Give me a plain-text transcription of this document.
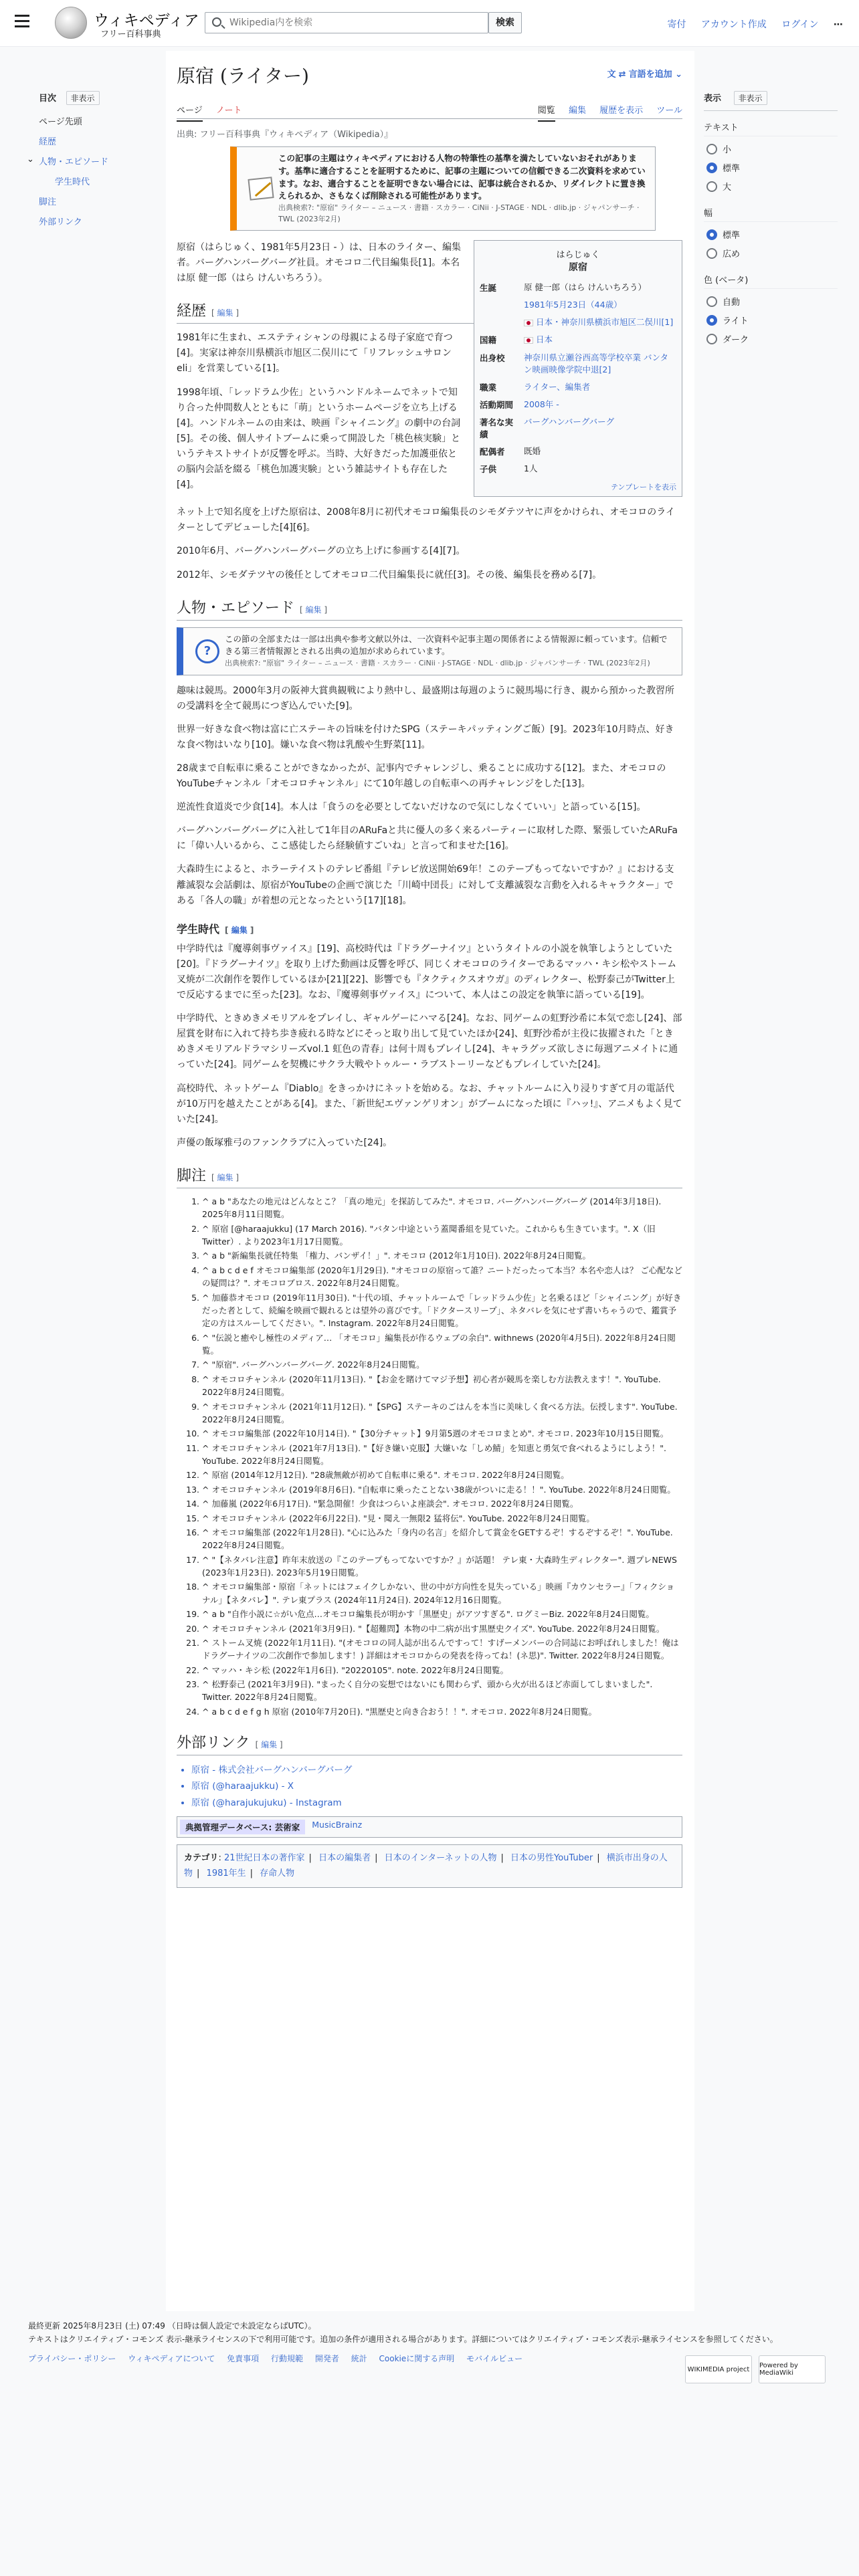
ウィキペディア
フリー百科事典
Wikipedia内を検索
検索	寄付 アカウント作成 ログイン ⋯
目次 非表示
ページ先頭
経歴
⌄ 人物・エピソード
学生時代
脚注
外部リンク
表示 非表示
テキスト
小
標準
大
幅
標準
広め
色 (ベータ)
自動
ライト
ダーク
原宿 (ライター)	文 ⇄ 言語を追加 ⌄
ページ ノート	閲覧 編集 履歴を表示 ツール
出典: フリー百科事典『ウィキペディア（Wikipedia）』
この記事の主題はウィキペディアにおける人物の特筆性の基準を満たしていないおそれがあります。基準に適合することを証明するために、記事の主題についての信頼できる二次資料を求めています。なお、適合することを証明できない場合には、記事は統合されるか、リダイレクトに置き換えられるか、さもなくば削除される可能性があります。
出典検索?: "原宿" ライター – ニュース · 書籍 · スカラー · CiNii · J-STAGE · NDL · dlib.jp · ジャパンサーチ · TWL (2023年2月)
はらじゅく
原宿
生誕	原 健一郎（はら けんいちろう）
	1981年5月23日（44歳）
	日本・神奈川県横浜市旭区二俣川[1]
国籍	日本
出身校	神奈川県立瀬谷西高等学校卒業 バンタン映画映像学院中退[2]
職業	ライター、編集者
活動期間	2008年 -
著名な実績	バーグハンバーグバーグ
配偶者	既婚
子供	1人
テンプレートを表示

原宿（はらじゅく、1981年5月23日 - ）は、日本のライター、編集者。バーグハンバーグバーグ社員。オモコロ二代目編集長[1]。本名は原 健一郎（はら けんいちろう）。

経歴 [ 編集 ]

1981年に生まれ、エステティシャンの母親による母子家庭で育つ[4]。実家は神奈川県横浜市旭区二俣川にて「リフレッシュサロンeli」を営業している[1]。

1998年頃、「レッドラム少佐」というハンドルネームでネットで知り合った仲間数人とともに「萌」というホームページを立ち上げる[4]。ハンドルネームの由来は、映画『シャイニング』の劇中の台詞[5]。その後、個人サイトブームに乗って開設した「桃色核実験」というテキストサイトが反響を呼ぶ。当時、大好きだった加護亜依との脳内会話を綴る「桃色加護実験」という雑誌サイトも存在した[4]。

ネット上で知名度を上げた原宿は、2008年8月に初代オモコロ編集長のシモダテツヤに声をかけられ、オモコロのライターとしてデビューした[4][6]。

2010年6月、バーグハンバーグバーグの立ち上げに参画する[4][7]。

2012年、シモダテツヤの後任としてオモコロ二代目編集長に就任[3]。その後、編集長を務める[7]。

人物・エピソード [ 編集 ]
?
この節の全部または一部は出典や参考文献以外は、一次資料や記事主題の関係者による情報源に頼っています。信頼できる第三者情報源とされる出典の追加が求められています。
出典検索?: "原宿" ライター – ニュース · 書籍 · スカラー · CiNii · J-STAGE · NDL · dlib.jp · ジャパンサーチ · TWL (2023年2月)

趣味は競馬。2000年3月の阪神大賞典観戦により熱中し、最盛期は毎週のように競馬場に行き、親から預かった教習所の受講料を全て競馬につぎ込んでいた[9]。

世界一好きな食べ物は富に亡ステーキの旨味を付けたSPG（ステーキパッティングご飯）[9]。2023年10月時点、好きな食べ物はいなり[10]。嫌いな食べ物は乳酸や生野菜[11]。

28歳まで自転車に乗ることができなかったが、記事内でチャレンジし、乗ることに成功する[12]。また、オモコロのYouTubeチャンネル「オモコロチャンネル」にて10年越しの自転車への再チャレンジをした[13]。

逆流性食道炎で少食[14]。本人は「食うのを必要としてないだけなので気にしなくていい」と語っている[15]。

バーグハンバーグバーグに入社して1年目のARuFaと共に優人の多く来るパーティーに取材した際、緊張していたARuFaに「偉い人いるから、ここ感徒したら経験値すごいね」と言って和ませた[16]。

大森時生によると、ホラーテイストのテレビ番組『テレビ放送開始69年！このテープもってないですか？』における支離滅裂な会話劇は、原宿がYouTubeの企画で演じた「川崎中団長」に対して支離滅裂な言動を入れるキャラクター」である「各人の職」が着想の元となったという[17][18]。

学生時代 [ 編集 ]

中学時代は『魔導剣事ヴァイス』[19]、高校時代は『ドラグーナイツ』というタイトルの小説を執筆しようとしていた[20]。『ドラグーナイツ』を取り上げた動画は反響を呼び、同じくオモコロのライターであるマッハ・キシ松やストーム叉焼が二次創作を製作しているほか[21][22]、影響でも『タクティクスオウガ』のディレクター、松野泰己がTwitter上で反応するまでに至った[23]。なお、『魔導剣事ヴァイス』について、本人はこの設定を執筆に語っている[19]。

中学時代、ときめきメモリアルをプレイし、ギャルゲーにハマる[24]。なお、同ゲームの虹野沙希に本気で恋し[24]、部屋賞を財布に入れて持ち歩き疲れる時などにそっと取り出して見ていたほか[24]、虹野沙希が主役に抜擢された「ときめきメモリアルドラマシリーズvol.1 虹色の青春」は何十周もプレイし[24]、キャラグッズ欲しさに毎週アニメイトに通っていた[24]。同ゲームを契機にサクラ大戦やトゥルー・ラブストーリーなどもプレイしていた[24]。

高校時代、ネットゲーム『Diablo』をきっかけにネットを始める。なお、チャットルームに入り浸りすぎて月の電話代が10万円を越えたことがある[4]。また、「新世紀エヴァンゲリオン」がブームになった頃に『ハッ!』、アニメもよく見ていた[24]。

声優の飯塚雅弓のファンクラブに入っていた[24]。

脚注 [ 編集 ]
1. ^ a b "あなたの地元はどんなとこ？「真の地元」を探訪してみた". オモコロ. バーグハンバーグバーグ (2014年3月18日). 2025年8月11日閲覧。
2. ^ 原宿 [@haraajukku] (17 March 2016). "バタン中途という蓋聞番組を見ていた。これからも生きています。". X（旧Twitter）. より2023年1月17日閲覧。
3. ^ a b "新編集長就任特集 「権力、バンザイ！」". オモコロ (2012年1月10日). 2022年8月24日閲覧。
4. ^ a b c d e f オモコロ編集部 (2020年1月29日). "オモコロの原宿って誰？ニートだったって本当？本名や恋人は？ ご心配などの疑問は？". オモコロブロス. 2022年8月24日閲覧。
5. ^ 加藤恭オモコロ (2019年11月30日). "十代の頃、チャットルームで「レッドラム少佐」と名乗るほど「シャイニング」が好きだった者として、続編を映画で観れるとは望外の喜びです。「ドクタースリープ」、ネタバレを気にせず書いちゃうので、鑑賞予定の方はスルーしてください。". Instagram. 2022年8月24日閲覧。
6. ^ "伝説と癒やし極性のメディア… 「オモコロ」編集長が作るウェブの余白". withnews (2020年4月5日). 2022年8月24日閲覧。
7. ^ "原宿". バーグハンバーグバーグ. 2022年8月24日閲覧。
8. ^ オモコロチャンネル (2020年11月13日). "【お金を賭けてマジ予想】初心者が競馬を楽しむ方法教えます！". YouTube. 2022年8月24日閲覧。
9. ^ オモコロチャンネル (2021年11月12日). "【SPG】ステーキのごはんを本当に美味しく食べる方法。伝授します". YouTube. 2022年8月24日閲覧。
10. ^ オモコロ編集部 (2022年10月14日). "【30分チャット】9月第5週のオモコロまとめ". オモコロ. 2023年10月15日閲覧。
11. ^ オモコロチャンネル (2021年7月13日). "【好き嫌い克服】大嫌いな「しめ鯖」を知恵と勇気で食べれるようにしよう！". YouTube. 2022年8月24日閲覧。
12. ^ 原宿 (2014年12月12日). "28歳無敵が初めて自転車に乗る". オモコロ. 2022年8月24日閲覧。
13. ^ オモコロチャンネル (2019年8月6日). "自転車に乗ったことない38歳がついに走る！！". YouTube. 2022年8月24日閲覧。
14. ^ 加藤嵐 (2022年6月17日). "緊急開催！少食はつらいよ座談会". オモコロ. 2022年8月24日閲覧。
15. ^ オモコロチャンネル (2022年6月22日). "見・聞え一無限2 猛将伝". YouTube. 2022年8月24日閲覧。
16. ^ オモコロ編集部 (2022年1月28日). "心に込みた「身内の名言」を紹介して賞金をGETするぞ！するぞするぞ！". YouTube. 2022年8月24日閲覧。
17. ^ "【ネタバレ注意】昨年末放送の『このテープもってないですか？』が話題！ テレ東・大森時生ディレクター". 週プレNEWS (2023年1月23日). 2023年5月19日閲覧。
18. ^ オモコロ編集部・原宿「ネットにはフェイクしかない、世の中が方向性を見失っている」映画『カウンセラー』「フィクショナル」【ネタバレ】". テレ東プラス (2024年11月24日). 2024年12月16日閲覧。
19. ^ a b "自作小説に☆がい危点…オモコロ編集長が明かす「黒歴史」がアツすぎる". ログミーBiz. 2022年8月24日閲覧。
20. ^ オモコロチャンネル (2021年3月9日). "【超難問】本物の中二病が出す黒歴史クイズ". YouTube. 2022年8月24日閲覧。
21. ^ ストーム叉焼 (2022年1月11日). "(オモコロの同人誌が出るんですって！すげーメンバーの合同誌にお呼ばれしました！俺はドラグーナイツの二次創作で参加します！) 詳細はオモコロからの発表を待ってね！(ネ思)". Twitter. 2022年8月24日閲覧。
22. ^ マッハ・キシ松 (2022年1月6日). "20220105". note. 2022年8月24日閲覧。
23. ^ 松野泰己 (2021年3月9日). "まったく自分の妄想ではないにも関わらず、頭から火が出るほど赤面してしまいました". Twitter. 2022年8月24日閲覧。
24. ^ a b c d e f g h 原宿 (2010年7月20日). "黒歴史と向き合おう！！". オモコロ. 2022年8月24日閲覧。
外部リンク [ 編集 ]
• 原宿 - 株式会社バーグハンバーグバーグ
• 原宿 (@haraajukku) - X
• 原宿 (@harajukujuku) - Instagram
典拠管理データベース: 芸術家	MusicBrainz
カテゴリ: 21世紀日本の著作家 | 日本の編集者 | 日本のインターネットの人物 | 日本の男性YouTuber | 横浜市出身の人物 | 1981年生 | 存命人物
最終更新 2025年8月23日 (土) 07:49 （日時は個人設定で未設定ならばUTC）。
テキストはクリエイティブ・コモンズ 表示-継承ライセンスの下で利用可能です。追加の条件が適用される場合があります。詳細についてはクリエイティブ・コモンズ表示-継承ライセンスを参照してください。
プライバシー・ポリシー ウィキペディアについて 免責事項 行動規範 開発者 統計 Cookieに関する声明 モバイルビュー
WIKIMEDIA project	Powered by MediaWiki
